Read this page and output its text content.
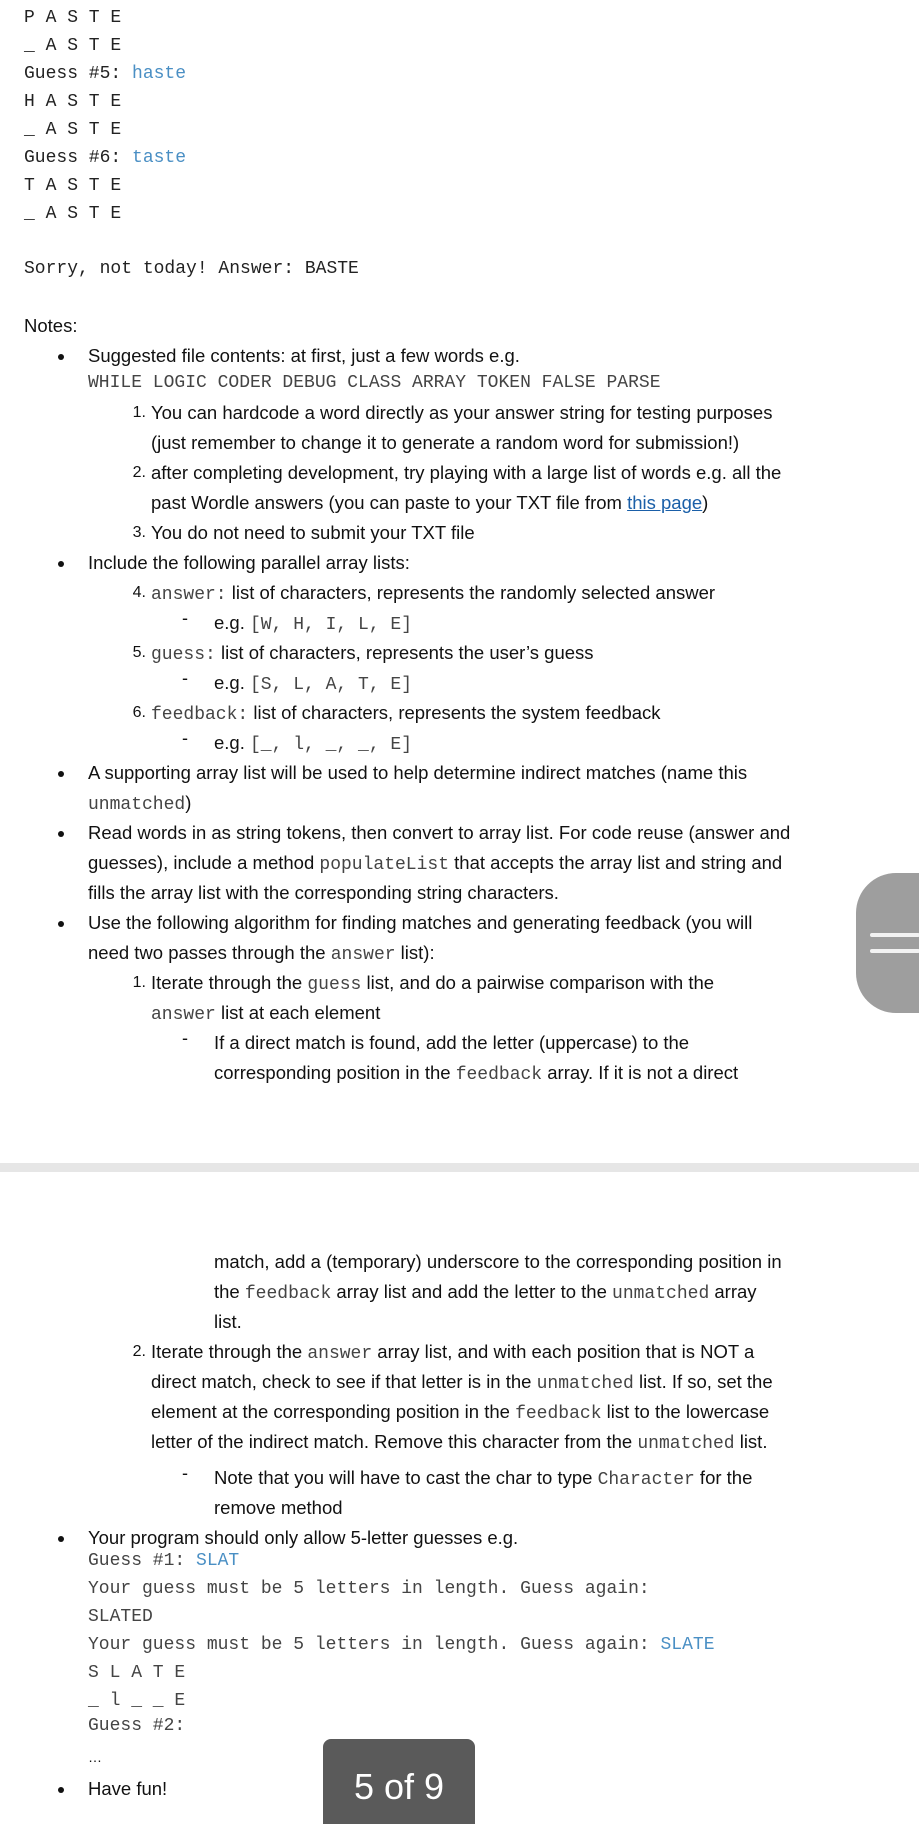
P A S T E
_ A S T E
Guess #5: haste
H A S T E
_ A S T E
Guess #6: taste
T A S T E
_ A S T E
Sorry, not today! Answer: BASTE
Notes:
Suggested file contents: at first, just a few words e.g.
WHILE LOGIC CODER DEBUG CLASS ARRAY TOKEN FALSE PARSE
1. You can hardcode a word directly as your answer string for testing purposes
(just remember to change it to generate a random word for submission!)
2. after completing development, try playing with a large list of words e.g. all the
past Wordle answers (you can paste to your TXT file from this page)
3. You do not need to submit your TXT file
Include the following parallel array lists:
4. answer: list of characters, represents the randomly selected answer
- e.g. [W, H, I, L, E]
5. guess: list of characters, represents the user’s guess
- e.g. [S, L, A, T, E]
6. feedback: list of characters, represents the system feedback
- e.g. [_, l, _, _, E]
A supporting array list will be used to help determine indirect matches (name this
unmatched)
Read words in as string tokens, then convert to array list. For code reuse (answer and
guesses), include a method populateList that accepts the array list and string and
fills the array list with the corresponding string characters.
Use the following algorithm for finding matches and generating feedback (you will
need two passes through the answer list):
1. Iterate through the guess list, and do a pairwise comparison with the
answer list at each element
- If a direct match is found, add the letter (uppercase) to the
corresponding position in the feedback array. If it is not a direct
match, add a (temporary) underscore to the corresponding position in
the feedback array list and add the letter to the unmatched array
list.
2. Iterate through the answer array list, and with each position that is NOT a
direct match, check to see if that letter is in the unmatched list. If so, set the
element at the corresponding position in the feedback list to the lowercase
letter of the indirect match. Remove this character from the unmatched list.
- Note that you will have to cast the char to type Character for the
remove method
Your program should only allow 5-letter guesses e.g.
Guess #1: SLAT
Your guess must be 5 letters in length. Guess again:
SLATED
Your guess must be 5 letters in length. Guess again: SLATE
S L A T E
_ l _ _ E
Guess #2:
…
Have fun!	5 of 9
